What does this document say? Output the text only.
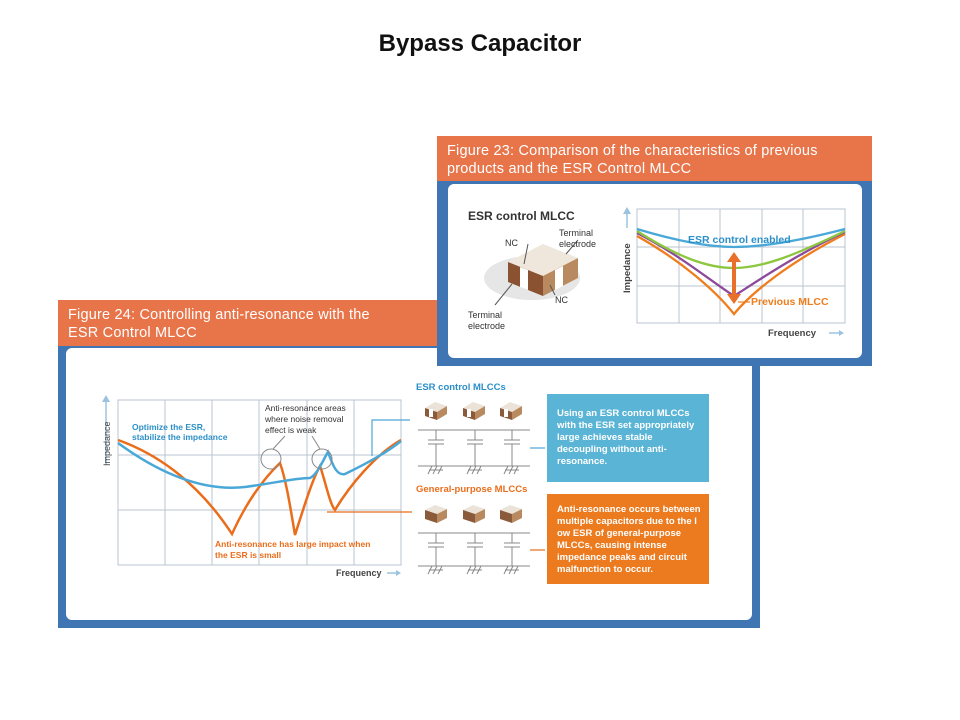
Bypass Capacitor
Figure 24: Controlling anti-resonance with the
ESR Control MLCC
Impedance
Frequency
Optimize the ESR,
stabilize the impedance
Anti-resonance areas
where noise removal
effect is weak
Anti-resonance has large impact when
the ESR is small
ESR control MLCCs
General-purpose MLCCs
Using an ESR control MLCCs with the ESR set appropriately large achieves stable decoupling without anti-resonance.
Anti-resonance occurs between multiple capacitors due to the l ow ESR of general-purpose MLCCs, causing intense impedance peaks and circuit malfunction to occur.
Figure 23: Comparison of the characteristics of previous
products and the ESR Control MLCC
ESR control MLCC
NC
NC
Terminal
electrode
Terminal
electrode
Impedance
Frequency
ESR control enabled
Previous MLCC
